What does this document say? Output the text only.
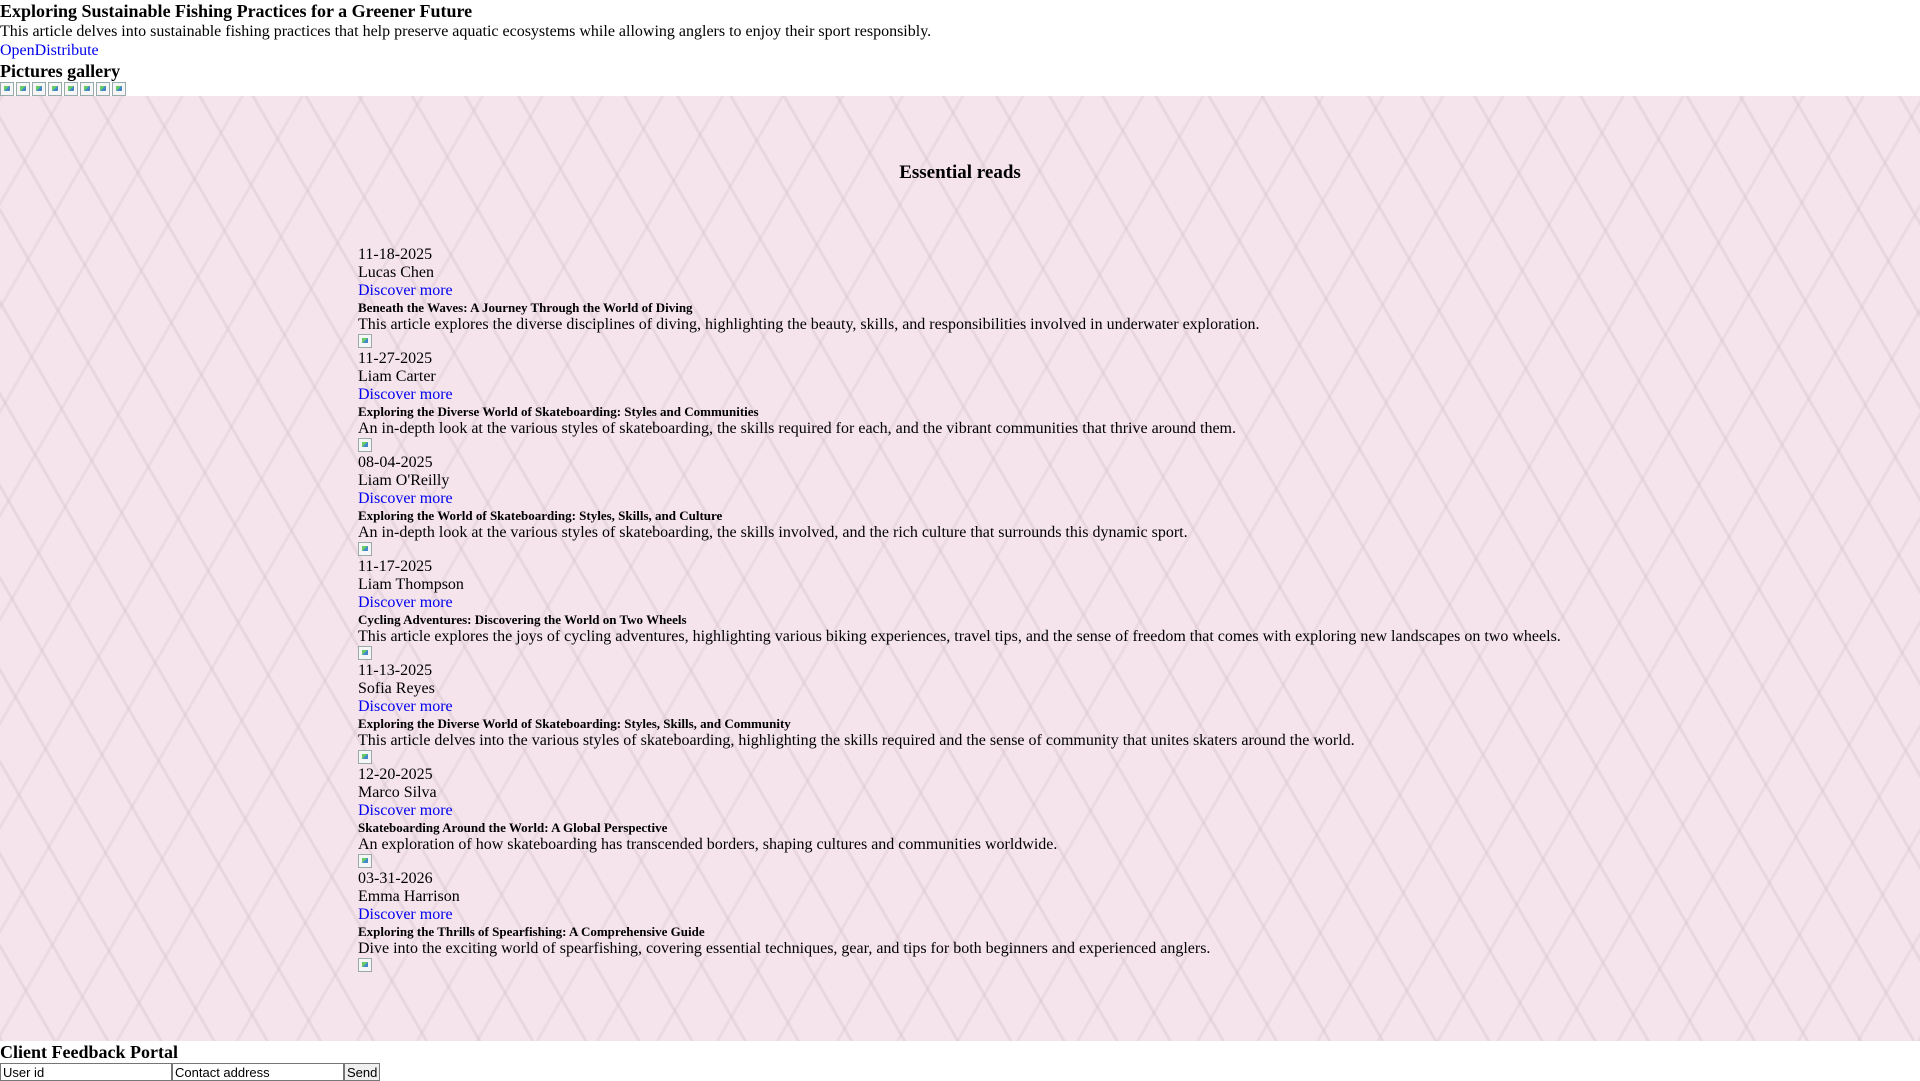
Exploring Sustainable Fishing Practices for a Greener Future

This article delves into sustainable fishing practices that help preserve aquatic ecosystems while allowing anglers to enjoy their sport responsibly.

OpenDistribute
Pictures gallery
Essential reads
11-18-2025
Lucas Chen
Discover more
Beneath the Waves: A Journey Through the World of Diving

This article explores the diverse disciplines of diving, highlighting the beauty, skills, and responsibilities involved in underwater exploration.

11-27-2025
Liam Carter
Discover more
Exploring the Diverse World of Skateboarding: Styles and Communities

An in-depth look at the various styles of skateboarding, the skills required for each, and the vibrant communities that thrive around them.

08-04-2025
Liam O'Reilly
Discover more
Exploring the World of Skateboarding: Styles, Skills, and Culture

An in-depth look at the various styles of skateboarding, the skills involved, and the rich culture that surrounds this dynamic sport.

11-17-2025
Liam Thompson
Discover more
Cycling Adventures: Discovering the World on Two Wheels

This article explores the joys of cycling adventures, highlighting various biking experiences, travel tips, and the sense of freedom that comes with exploring new landscapes on two wheels.

11-13-2025
Sofia Reyes
Discover more
Exploring the Diverse World of Skateboarding: Styles, Skills, and Community

This article delves into the various styles of skateboarding, highlighting the skills required and the sense of community that unites skaters around the world.

12-20-2025
Marco Silva
Discover more
Skateboarding Around the World: A Global Perspective

An exploration of how skateboarding has transcended borders, shaping cultures and communities worldwide.

03-31-2026
Emma Harrison
Discover more
Exploring the Thrills of Spearfishing: A Comprehensive Guide

Dive into the exciting world of spearfishing, covering essential techniques, gear, and tips for both beginners and experienced anglers.

Client Feedback Portal
User id
Contact address
Send
